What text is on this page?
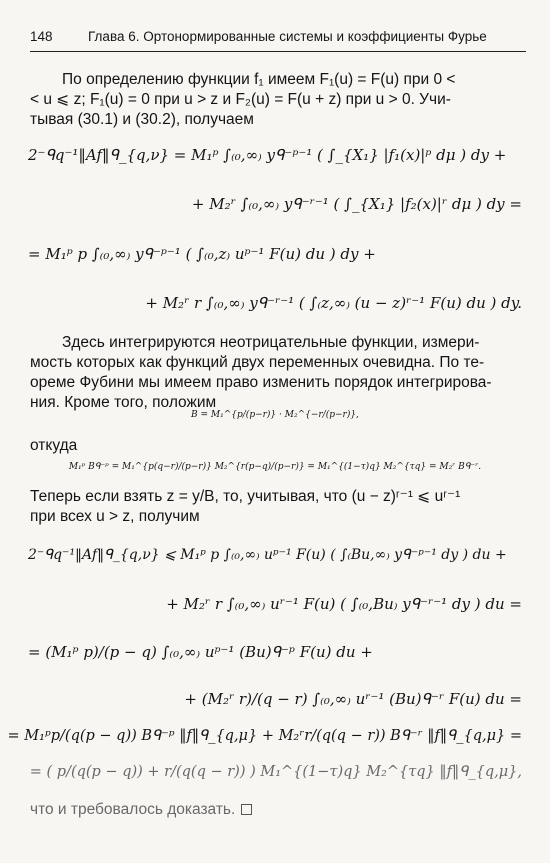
148	Глава 6. Ортонормированные системы и коэффициенты Фурье
По определению функции f₁ имеем F₁(u) = F(u) при 0 <
< u ⩽ z; F₁(u) = 0 при u > z и F₂(u) = F(u + z) при u > 0. Учи-
тывая (30.1) и (30.2), получаем
2⁻ᑫq⁻¹‖Af‖ᑫ_{q,ν} = M₁ᵖ ∫₍₀,∞₎ yᑫ⁻ᵖ⁻¹ ( ∫_{X₁} |f₁(x)|ᵖ dμ ) dy +
+ M₂ʳ ∫₍₀,∞₎ yᑫ⁻ʳ⁻¹ ( ∫_{X₁} |f₂(x)|ʳ dμ ) dy =
= M₁ᵖ p ∫₍₀,∞₎ yᑫ⁻ᵖ⁻¹ ( ∫₍₀,z₎ uᵖ⁻¹ F(u) du ) dy +
+ M₂ʳ r ∫₍₀,∞₎ yᑫ⁻ʳ⁻¹ ( ∫₍z,∞₎ (u − z)ʳ⁻¹ F(u) du ) dy.
Здесь интегрируются неотрицательные функции, измери-
мость которых как функций двух переменных очевидна. По те-
ореме Фубини мы имеем право изменить порядок интегрирова-
ния. Кроме того, положим
B = M₁^{p/(p−r)} · M₂^{−r/(p−r)},
откуда
M₁ᵖ Bᑫ⁻ᵖ = M₁^{p(q−r)/(p−r)} M₂^{r(p−q)/(p−r)} = M₁^{(1−τ)q} M₂^{τq} = M₂ʳ Bᑫ⁻ʳ.
Теперь если взять z = y/B, то, учитывая, что (u − z)ʳ⁻¹ ⩽ uʳ⁻¹
при всех u > z, получим
2⁻ᑫq⁻¹‖Af‖ᑫ_{q,ν} ⩽ M₁ᵖ p ∫₍₀,∞₎ uᵖ⁻¹ F(u) ( ∫₍Bu,∞₎ yᑫ⁻ᵖ⁻¹ dy ) du +
+ M₂ʳ r ∫₍₀,∞₎ uʳ⁻¹ F(u) ( ∫₍₀,Bu₎ yᑫ⁻ʳ⁻¹ dy ) du =
= (M₁ᵖ p)/(p − q) ∫₍₀,∞₎ uᵖ⁻¹ (Bu)ᑫ⁻ᵖ F(u) du +
+ (M₂ʳ r)/(q − r) ∫₍₀,∞₎ uʳ⁻¹ (Bu)ᑫ⁻ʳ F(u) du =
= M₁ᵖp/(q(p − q)) Bᑫ⁻ᵖ ‖f‖ᑫ_{q,μ} + M₂ʳr/(q(q − r)) Bᑫ⁻ʳ ‖f‖ᑫ_{q,μ} =
= ( p/(q(p − q)) + r/(q(q − r)) ) M₁^{(1−τ)q} M₂^{τq} ‖f‖ᑫ_{q,μ},
что и требовалось доказать.
